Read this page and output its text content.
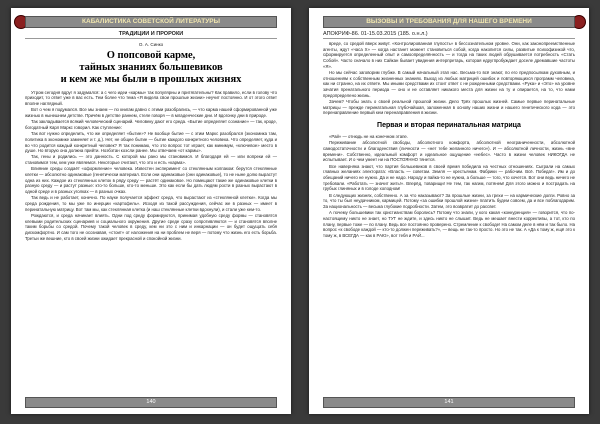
КАБАЛИСТИКА СОВЕТСКОЙ ЛИТЕРАТУРЫ
ТРАДИЦИИ И ПРОРОКИ
О. А. Синко
О попсовой карме,
тайных знаниях большевиков
и кем же мы были в прошлых жизнях

Утром сегодня вдруг я задумался: а с чего идеи «кармы» так популярны и притягательны? Как правило, если в голову что приходит, то ответ уже в вас есть. Тем более что тема «Я видела свои прошлые жизни» неучит постоянно. И от этого ответ вполне наглядный.

Вот о чем я подумался. Все мы знаем — по книгам давно с этими разобрались, — что карма нашей сформированной уже жизнью в нынешнем детстве. Причём в детстве раннем, стеле говоря — в младенческие дни. И вдогонку дни в природе.

Так закладывается всякий человеческий сценарий. Человеку дают его среда. «Бытие определяет сознание» — так, кроде, богодатный Карл Маркс говорил. Как ступление:

Так вот нужно определить, что же определяет «бытие»? Не вообще бытие — с этим Маркс разобрался (экономика там, политика в экономике заменяет и т. д.). Нет, не общее бытие — бытие каждого конкретного человека. Что определяет, куда и во что родится каждый конкретный человек? Я так понимаю, что это вопрос тот играет, как минимум, «ключевое» место в душе. Но вторую она должна прийти. Ноэбэтан коэсли ранее. Мы отвечаем «от кармы».

Так, гены и родились — это данность. С которой мы рано мы становимся. И благодаря ей — или вопреки ей — становимся тем, кем уже являемся. Некоторые считают, что это и есть «карма».

Влияние среды создаёт «оформление» человека. Известен эксперимент со стеклянным колпаком: берутся стеклянные клетки — абсолютно одинаковые (генетически материал. Если они одинаковые (они одинаковые), то не ныне долю вырастут одна из них. Каждое из стеклянных клеток в ряду среду — растёт одинаковое. Но помещают такие же одинаковые клетки в разную среду — и растут разные: кто-то больше, кто-то меньше. Это как если бы дать людям рости в разных вырастают в одной среде и в разных уголках — в разных очках.

Так ведь и не работает, конечно. По науке получается эффект среда, что вырастают из «стеклянной клетки». Когда мы среда рождения, то мы уже по инерции «картофель». Исходя из такой рассуждения, сейчас же в разных — имеет в перинатальную матрицу. Вот там мы, как стеклянная клетка (и наш стеклянные клетки вдохнули), и стали уже кем-то.

Рождаются, и среда начинает влиять. Одни под среду формируются, принимая удобную среду формы — становятся клевыми родительских сценариев и социального окружения. Другие среде сразу сопротивляются — и становятся вполне таким борьбы со средой. Почему такой человек в среду, кем ни это с ним и инкарнации — он будет ощущать себя дискомфортно. И сам того не осознавая, «стоит» от наложения на ни проблем не веря — потому что жизнь его есть борьба. Третьи же вешние, кто в своей жизни ожидает прекрасной и спокойной жизни.

140
ВЫЗОВЫ И ТРЕБОВАНИЯ ДЛЯ НАШЕГО ВРЕМЕНИ
АПОКРИФ-86. 01-15.03.2015 (185. о.н.л.)

вреде, со средой вверх живут. «Контролированная глупость» в бессознательном уровне. Они, как законопреемственные агенты, ждут «часа Х» — когда настанет момент становиться собой, когда накопится силы, развитые психофизикой что, сформируется определенный опыт и самоопределённость — и тогда на таких людей обрушивается потребность «Стать Собой». Часто сначало в них Сайкан бывает увидения интерпретарь, которая едругпробуждает доселе дремавшие частоты «Я».

Но мы сейчас заговорим глубже. В самый начальный этап нас. Весьма-то всё знают, по его предпосылкам духовным, и отношениям к собственным жизненных знаниях. Выход из любых матрицей ошибок и повторяющихся программ человека, как ни странно, на их ответе. Мы иными средствами их стоит ответ с не рожденными средствами. «Рука» и «Это» на уровне зачатия пренатального периода — оно и не оставляет никакого места для жизни на ту и опирается, на то, что нами предопределено жизнь.

Зачем? Чтобы знать о своей реальной прошлой жизни. Дело Трёх прошлых жизней. Самые первые перинатальные матрицы — прежде перинатальная глубочайшая, заложенная в основу наших жизни и нашего генетического кода — это перенаправление первый кем перенаправления в жизни.

Первая и вторая перинатальная матрица

«Рай» — отнюдь не на конечном этапе.

Переживание абсолютной свободы, абсолютного комфорта, абсолютной неограниченности, абсолютной самодостаточности и благоденствия (личности — «нет тебе желанного ничего»). И — абсолютной личности, жизнь «вне времени». Собственно, идеальный комфорт и идеальное ощущение «небес». Часто в жизни человек НИКОГДА не испытывает. И о чем умеет ни на ПОСТОЯННО тянется.

Все наверняка знают, что партия большевиков в своей время победила на честных отношениях. Сыграли на самых главных желаниях электората: «Власть — советам. Земля — крестьянам. Фабрики — рабочим. Всё. Победа!». Им и до обещаний ничего не нужно. Да и не надо. Народу и пайка-то не нужна, а больше — того, что хочется. Вот они ведь ничего не требовали. «Работать — значит жить!». Вперёд, товарищи! Не тем, так нагим, потянем! Для этого можно и пострадать на грубых глиняных и в голоде холодном!

В следующих жизнях, собственно. А за что наказывают? За прошлые жизни, за грехи — на кармические долги. Ровно за то, что ты был неудачником, кармицей. Потому «за ошибки прошлой жизни» платить будем совсем, да и все поблагодарим. За национальность — весьма глубокие подробности. Затем, это возвратит до рассвет.

А почему большевики так христианствам боролись? Потому что знали, у кого какая «конкуренция» — говорится, что по-настоящему никто не знает, но ТУТ не ждите, и здесь никто не слышит. Ведь не мешает внести коррективы, а тот, кто по плану, первые тоже — по плану. Ведь все постоянно проверено. Стремление к свободе! На самом деле в нём и так было. На вопрос «к свободе каждой — кто-то должен переживать?», — вещь не так-то просто. Но это не так. А «Да к тому ж, ещё это к тому ж, в ВСЕГДА — как в РАЮ», вот тебя и РАЙ...

141
